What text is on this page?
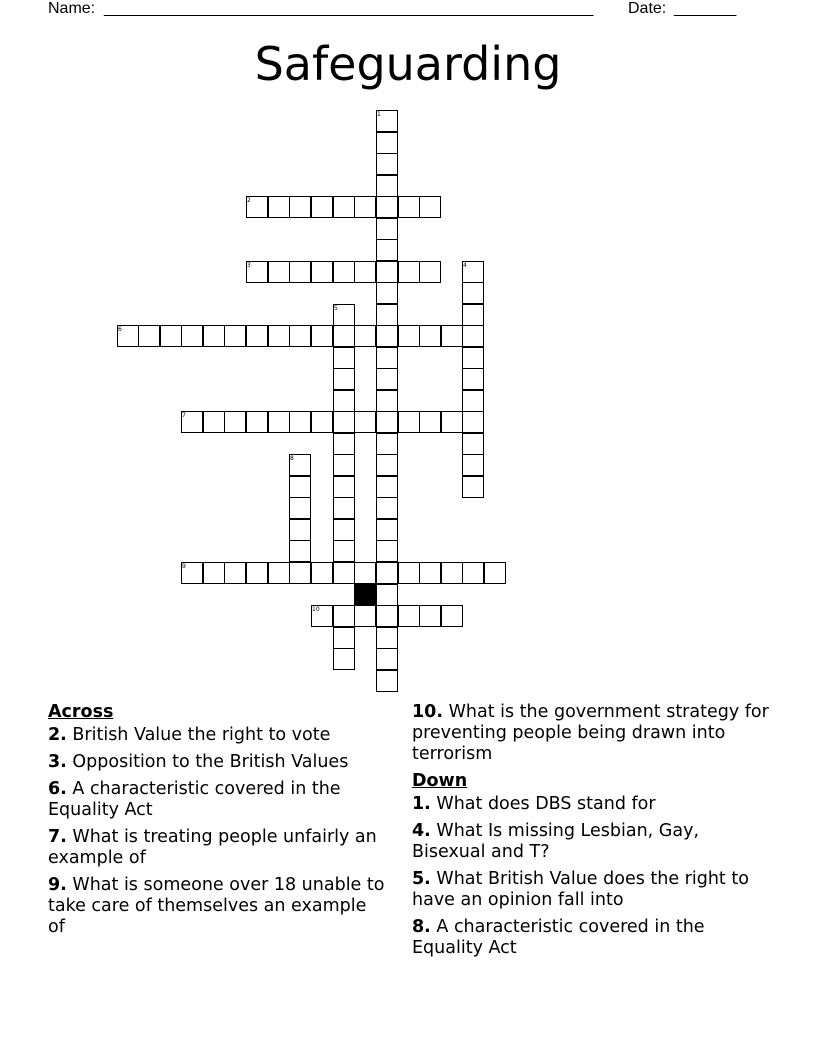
Name: _______________________________________________________ Date: _______
Safeguarding
1
2
3	4
5
6
7
8
9
10
Across
2. British Value the right to vote
3. Opposition to the British Values
6. A characteristic covered in the Equality Act
7. What is treating people unfairly an example of
9. What is someone over 18 unable to take care of themselves an example of
10. What is the government strategy for preventing people being drawn into terrorism
Down
1. What does DBS stand for
4. What Is missing Lesbian, Gay, Bisexual and T?
5. What British Value does the right to have an opinion fall into
8. A characteristic covered in the Equality Act
